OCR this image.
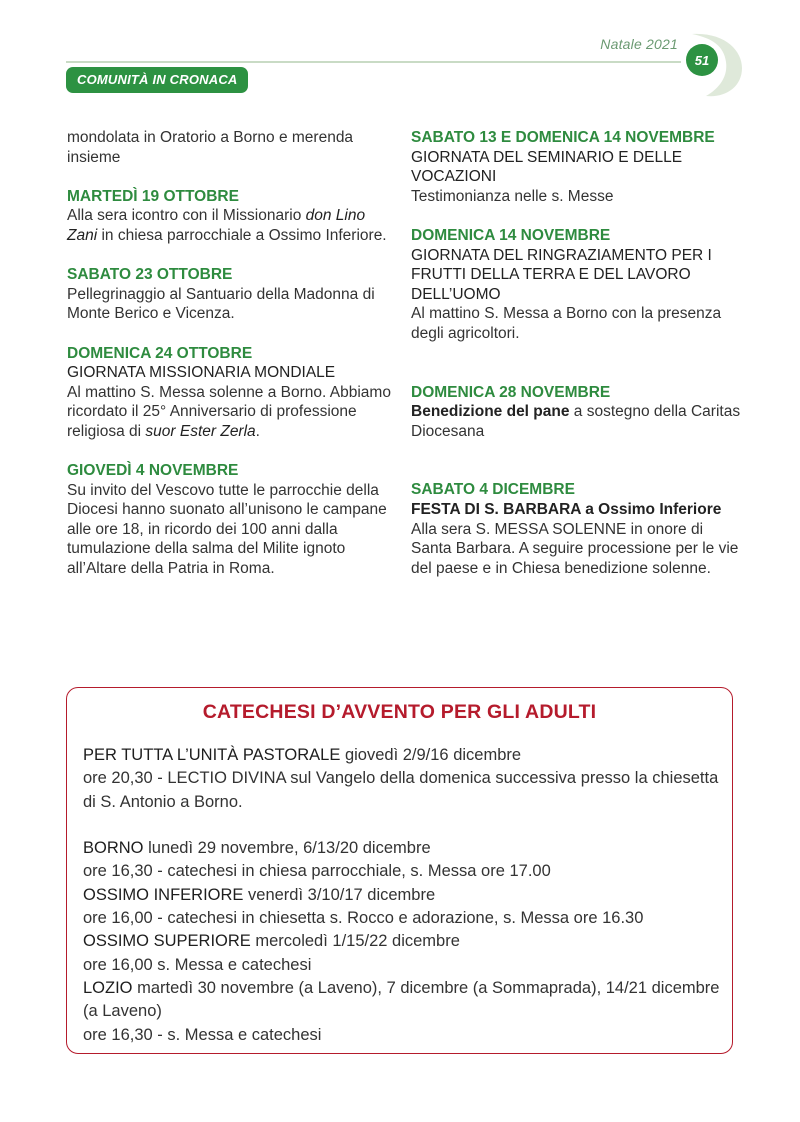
Natale 2021
51
COMUNITÀ IN CRONACA

mondolata in Oratorio a Borno e merenda insieme

MARTEDÌ 19 OTTOBRE

Alla sera icontro con il Missionario don Lino Zani in chiesa parrocchiale a Ossimo Inferiore.

SABATO 23 OTTOBRE

Pellegrinaggio al Santuario della Madonna di Monte Berico e Vicenza.

DOMENICA 24 OTTOBRE

GIORNATA MISSIONARIA MONDIALE

Al mattino S. Messa solenne a Borno. Abbiamo ricordato il 25° Anniversario di professione religiosa di suor Ester Zerla.

GIOVEDÌ 4 NOVEMBRE

Su invito del Vescovo tutte le parrocchie della Diocesi hanno suonato all’unisono le campane alle ore 18, in ricordo dei 100 anni dalla tumulazione della salma del Milite ignoto all’Altare della Patria in Roma.

SABATO 13 E DOMENICA 14 NOVEMBRE

GIORNATA DEL SEMINARIO E DELLE VOCAZIONI

Testimonianza nelle s. Messe

DOMENICA 14 NOVEMBRE

GIORNATA DEL RINGRAZIAMENTO PER I FRUTTI DELLA TERRA E DEL LAVORO DELL’UOMO

Al mattino S. Messa a Borno con la presenza degli agricoltori.

DOMENICA 28 NOVEMBRE

Benedizione del pane a sostegno della Caritas Diocesana

SABATO 4 DICEMBRE

FESTA DI S. BARBARA a Ossimo Inferiore

Alla sera S. MESSA SOLENNE in onore di Santa Barbara. A seguire processione per le vie del paese e in Chiesa benedizione solenne.

CATECHESI D’AVVENTO PER GLI ADULTI

PER TUTTA L’UNITÀ PASTORALE giovedì 2/9/16 dicembre

ore 20,30 - LECTIO DIVINA sul Vangelo della domenica successiva presso la chiesetta di S. Antonio a Borno.

BORNO lunedì 29 novembre, 6/13/20 dicembre

ore 16,30 - catechesi in chiesa parrocchiale, s. Messa ore 17.00

OSSIMO INFERIORE venerdì 3/10/17 dicembre

ore 16,00 - catechesi in chiesetta s. Rocco e adorazione, s. Messa ore 16.30

OSSIMO SUPERIORE mercoledì 1/15/22 dicembre

ore 16,00 s. Messa e catechesi

LOZIO martedì 30 novembre (a Laveno), 7 dicembre (a Sommaprada), 14/21 dicembre (a Laveno)

ore 16,30 - s. Messa e catechesi
